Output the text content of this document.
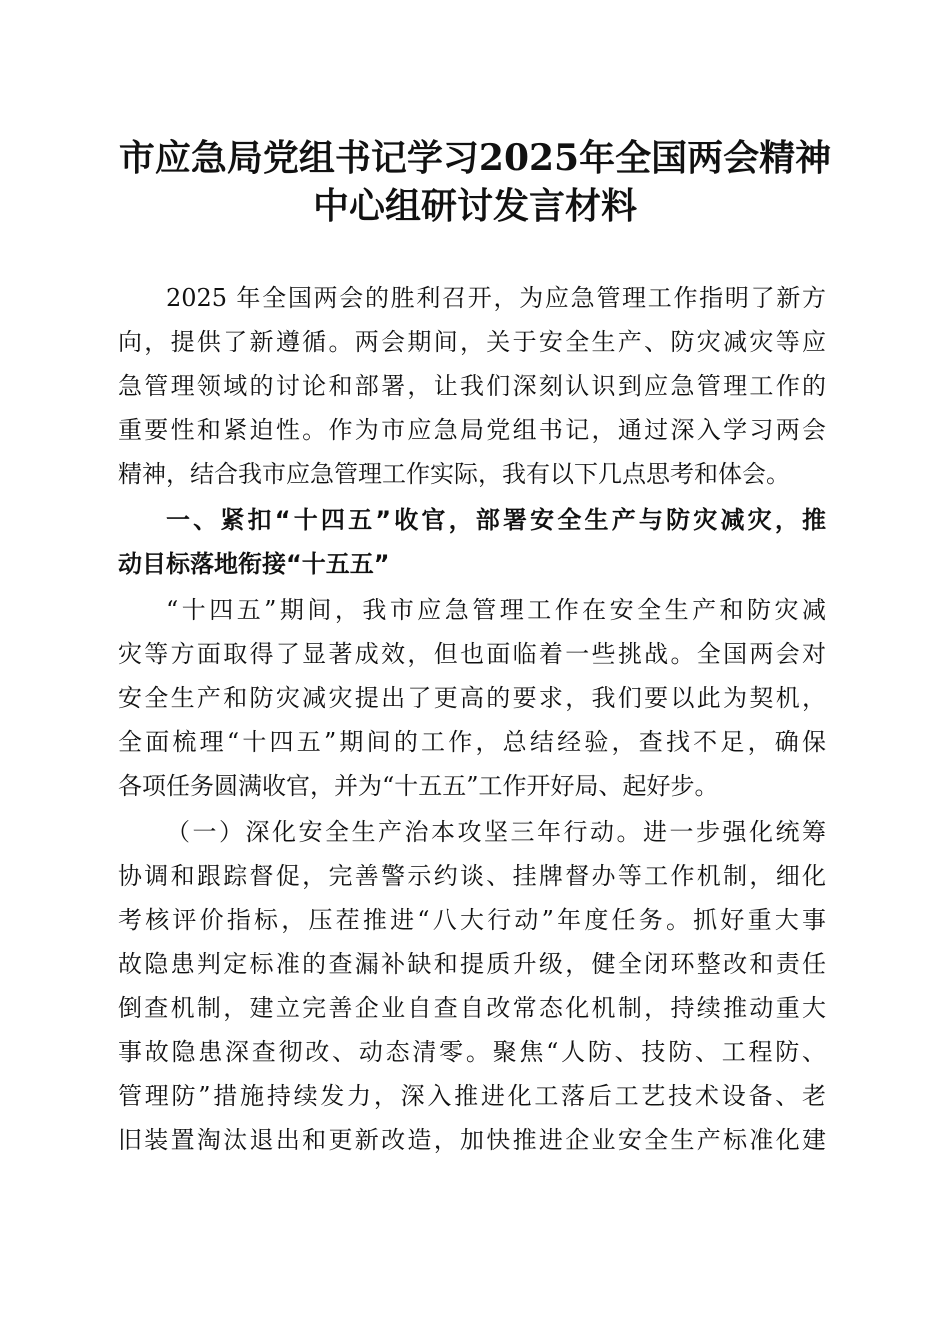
市应急局党组书记学习2025年全国两会精神
中心组研讨发言材料
2025 年全国两会的胜利召开，为应急管理工作指明了新方
向，提供了新遵循。两会期间，关于安全生产、防灾减灾等应
急管理领域的讨论和部署，让我们深刻认识到应急管理工作的
重要性和紧迫性。作为市应急局党组书记，通过深入学习两会
精神，结合我市应急管理工作实际，我有以下几点思考和体会。
一、紧扣“十四五”收官，部署安全生产与防灾减灾，推
动目标落地衔接“十五五”
“十四五”期间，我市应急管理工作在安全生产和防灾减
灾等方面取得了显著成效，但也面临着一些挑战。全国两会对
安全生产和防灾减灾提出了更高的要求，我们要以此为契机，
全面梳理“十四五”期间的工作，总结经验，查找不足，确保
各项任务圆满收官，并为“十五五”工作开好局、起好步。
（一）深化安全生产治本攻坚三年行动。进一步强化统筹
协调和跟踪督促，完善警示约谈、挂牌督办等工作机制，细化
考核评价指标，压茬推进“八大行动”年度任务。抓好重大事
故隐患判定标准的查漏补缺和提质升级，健全闭环整改和责任
倒查机制，建立完善企业自查自改常态化机制，持续推动重大
事故隐患深查彻改、动态清零。聚焦“人防、技防、工程防、
管理防”措施持续发力，深入推进化工落后工艺技术设备、老
旧装置淘汰退出和更新改造，加快推进企业安全生产标准化建
